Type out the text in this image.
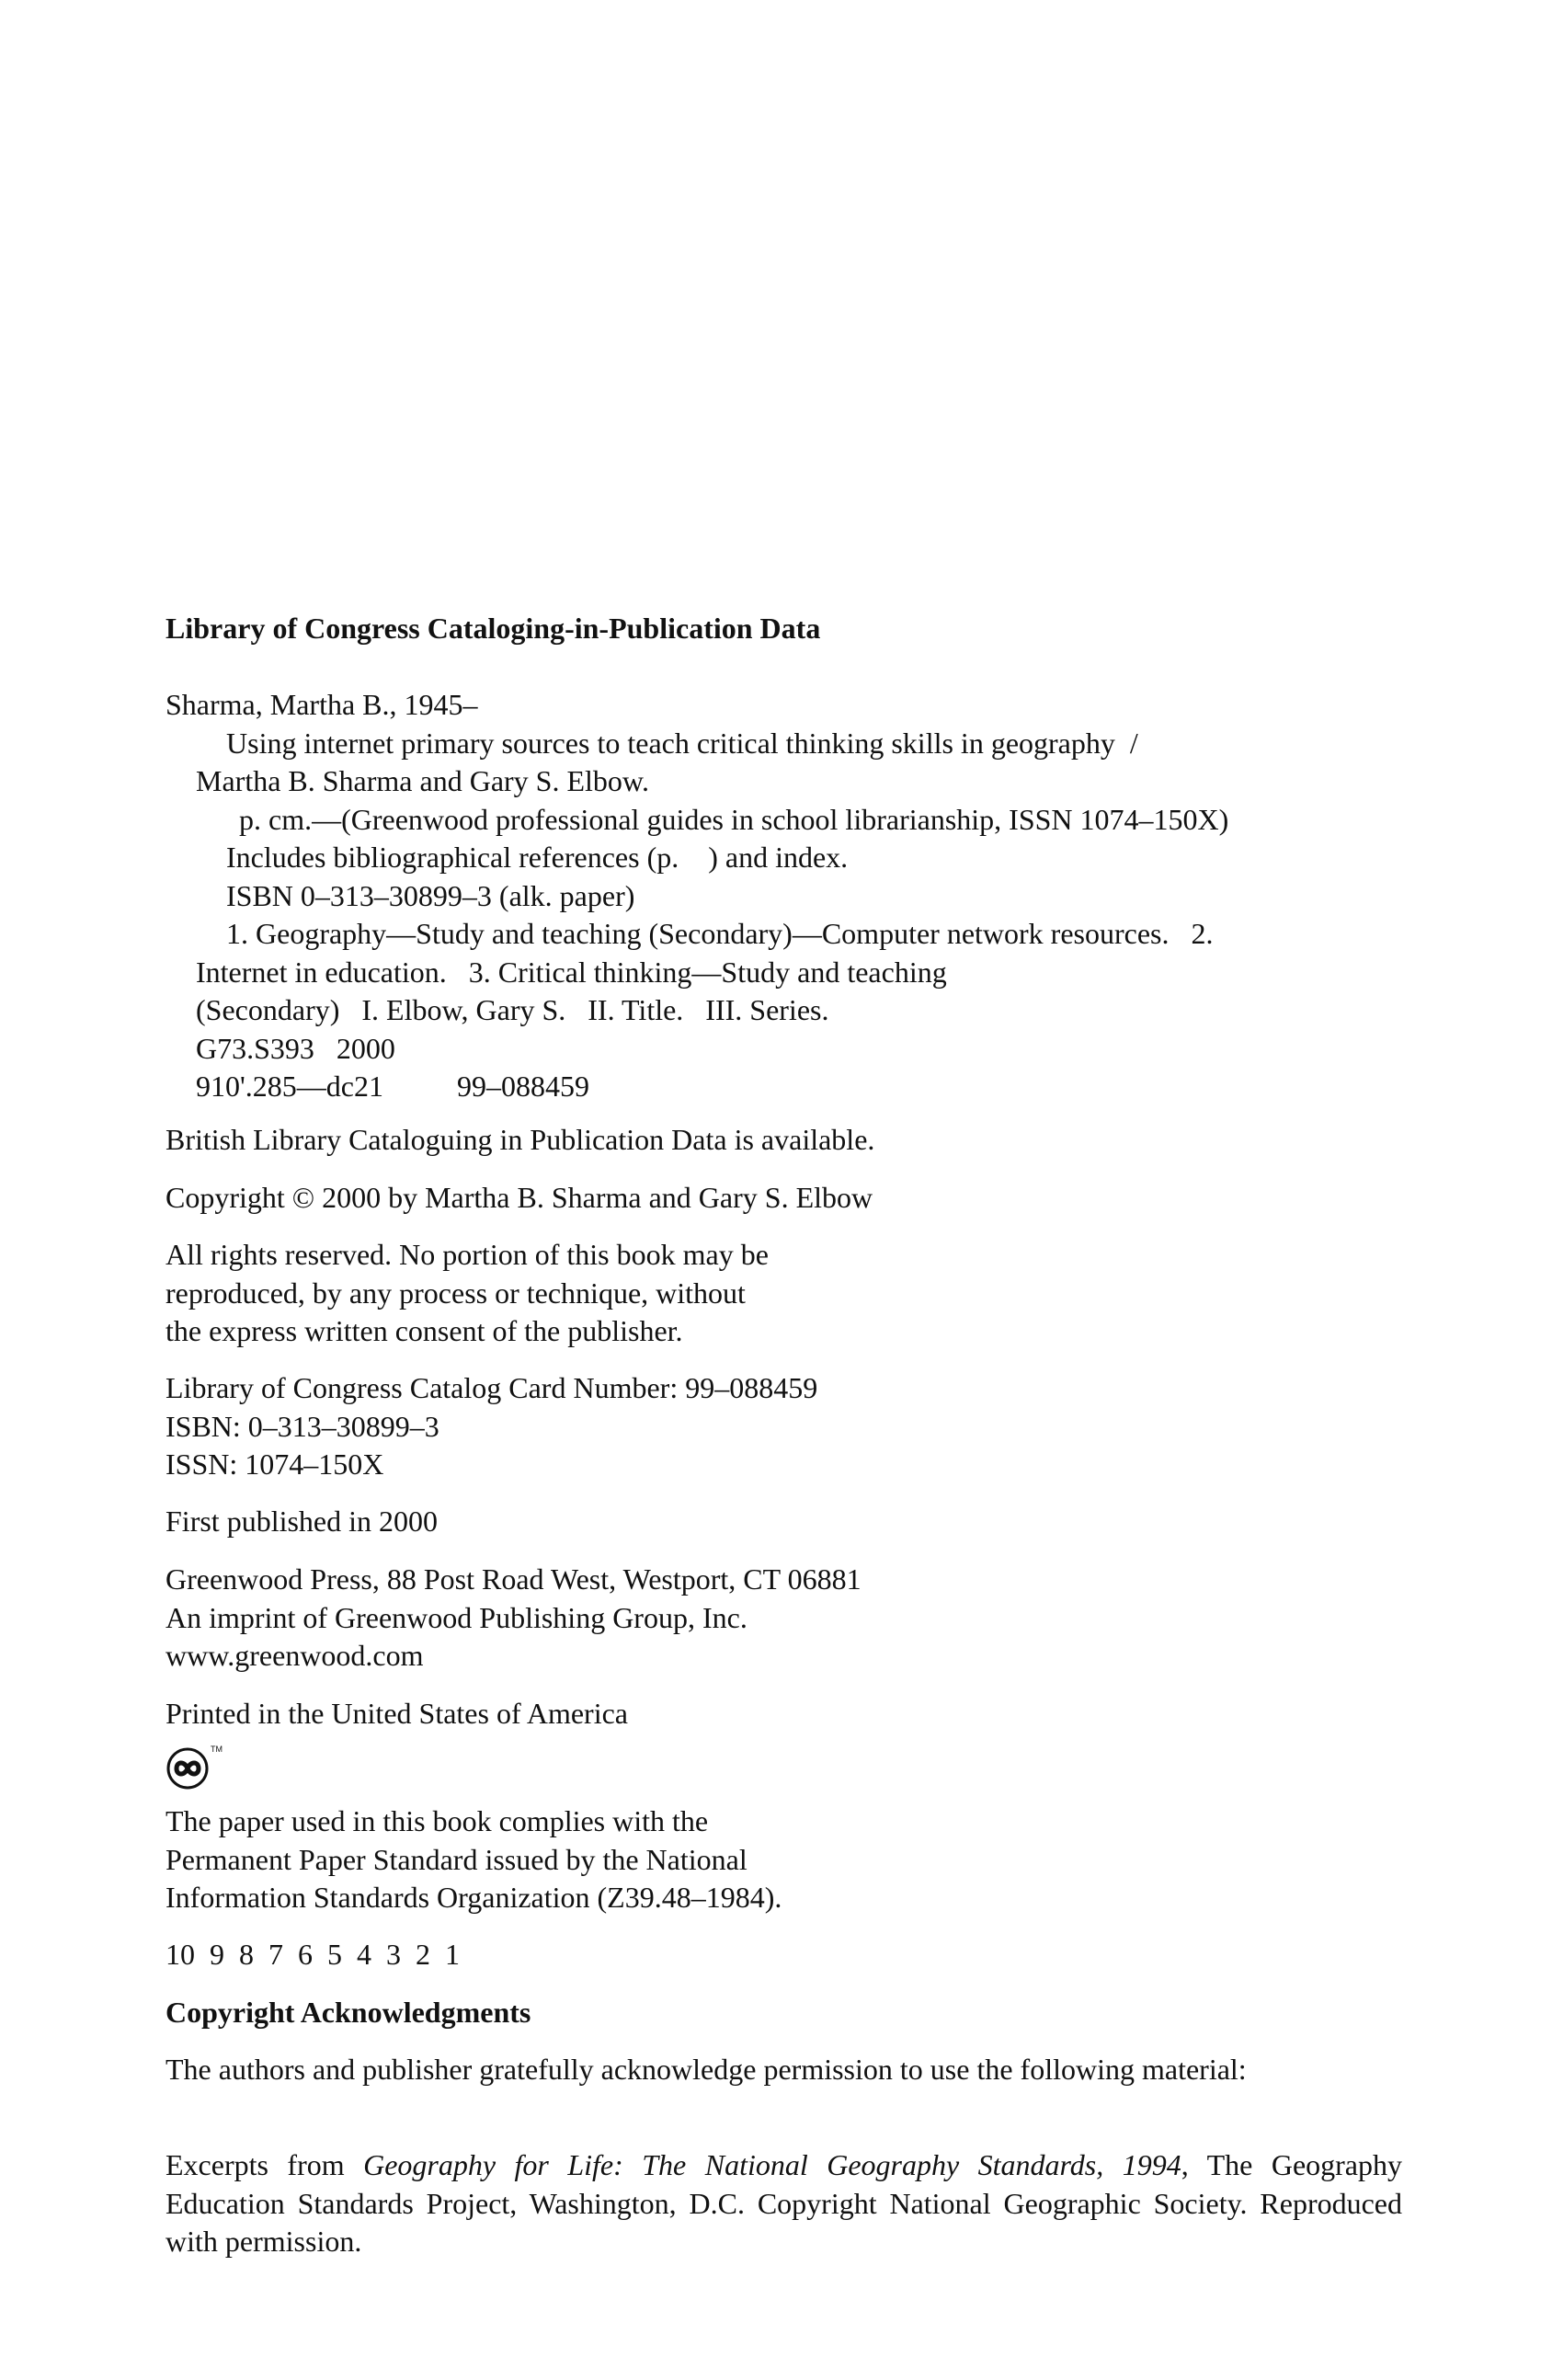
Library of Congress Cataloging-in-Publication Data
Sharma, Martha B., 1945–
Using internet primary sources to teach critical thinking skills in geography  /
Martha B. Sharma and Gary S. Elbow.
p. cm.—(Greenwood professional guides in school librarianship, ISSN 1074–150X)
Includes bibliographical references (p.    ) and index.
ISBN 0–313–30899–3 (alk. paper)
1. Geography—Study and teaching (Secondary)—Computer network resources.   2.
Internet in education.   3. Critical thinking—Study and teaching
(Secondary)   I. Elbow, Gary S.   II. Title.   III. Series.
G73.S393   2000
910'.285—dc21          99–088459
British Library Cataloguing in Publication Data is available.
Copyright © 2000 by Martha B. Sharma and Gary S. Elbow
All rights reserved. No portion of this book may be
reproduced, by any process or technique, without
the express written consent of the publisher.
Library of Congress Catalog Card Number: 99–088459
ISBN: 0–313–30899–3
ISSN: 1074–150X
First published in 2000
Greenwood Press, 88 Post Road West, Westport, CT 06881
An imprint of Greenwood Publishing Group, Inc.
www.greenwood.com
Printed in the United States of America
TM
The paper used in this book complies with the
Permanent Paper Standard issued by the National
Information Standards Organization (Z39.48–1984).
10  9  8  7  6  5  4  3  2  1
Copyright Acknowledgments
The authors and publisher gratefully acknowledge permission to use the following material:
Excerpts from Geography for Life: The National Geography Standards, 1994, The Geography Education Standards Project, Washington, D.C. Copyright National Geographic Society. Reproduced with permission.
